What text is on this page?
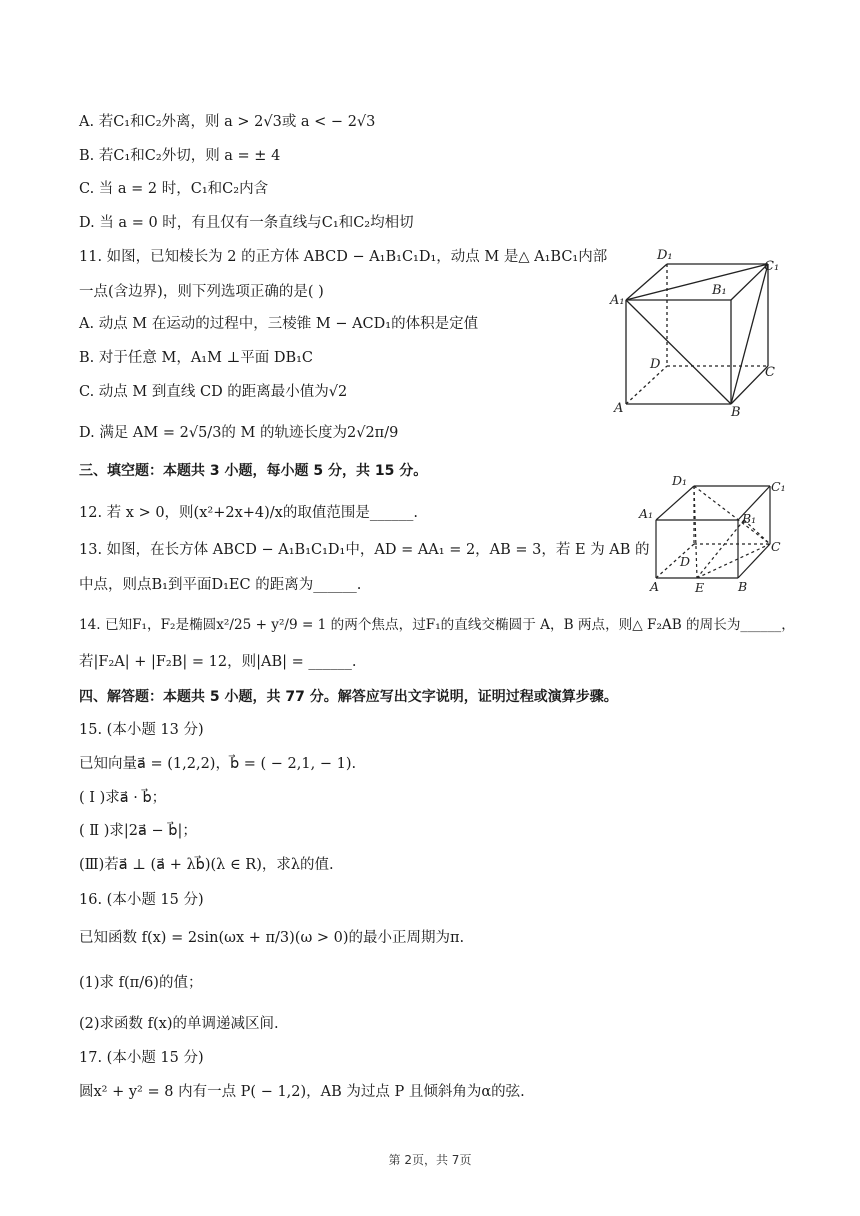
A. 若C₁和C₂外离，则 a > 2√3或 a < − 2√3
B. 若C₁和C₂外切，则 a = ± 4
C. 当 a = 2 时，C₁和C₂内含
D. 当 a = 0 时，有且仅有一条直线与C₁和C₂均相切
11. 如图，已知棱长为 2 的正方体 ABCD − A₁B₁C₁D₁，动点 M 是△ A₁BC₁内部
一点(含边界)，则下列选项正确的是( )
A. 动点 M 在运动的过程中，三棱锥 M − ACD₁的体积是定值
B. 对于任意 M，A₁M ⊥平面 DB₁C
C. 动点 M 到直线 CD 的距离最小值为√2
D. 满足 AM = 2√5/3的 M 的轨迹长度为2√2π/9
三、填空题：本题共 3 小题，每小题 5 分，共 15 分。
12. 若 x > 0，则(x²+2x+4)/x的取值范围是______.
13. 如图，在长方体 ABCD − A₁B₁C₁D₁中，AD = AA₁ = 2，AB = 3，若 E 为 AB 的
中点，则点B₁到平面D₁EC 的距离为______.
14. 已知F₁，F₂是椭圆x²/25 + y²/9 = 1 的两个焦点，过F₁的直线交椭圆于 A，B 两点，则△ F₂AB 的周长为______，
若|F₂A| + |F₂B| = 12，则|AB| = ______.
四、解答题：本题共 5 小题，共 77 分。解答应写出文字说明，证明过程或演算步骤。
15. (本小题 13 分)
已知向量a⃗ = (1,2,2)，b⃗ = ( − 2,1, − 1).
( Ⅰ )求a⃗ · b⃗；
( Ⅱ )求|2a⃗ − b⃗|；
(Ⅲ)若a⃗ ⊥ (a⃗ + λb⃗)(λ ∈ R)，求λ的值.
16. (本小题 15 分)
已知函数 f(x) = 2sin(ωx + π/3)(ω > 0)的最小正周期为π.
(1)求 f(π/6)的值；
(2)求函数 f(x)的单调递减区间.
17. (本小题 15 分)
圆x² + y² = 8 内有一点 P( − 1,2)，AB 为过点 P 且倾斜角为α的弦.
D₁
C₁
A₁
B₁
D
C
A	B
D₁	C₁
A₁	B₁
D
C
A	E	B
第 2页，共 7页
